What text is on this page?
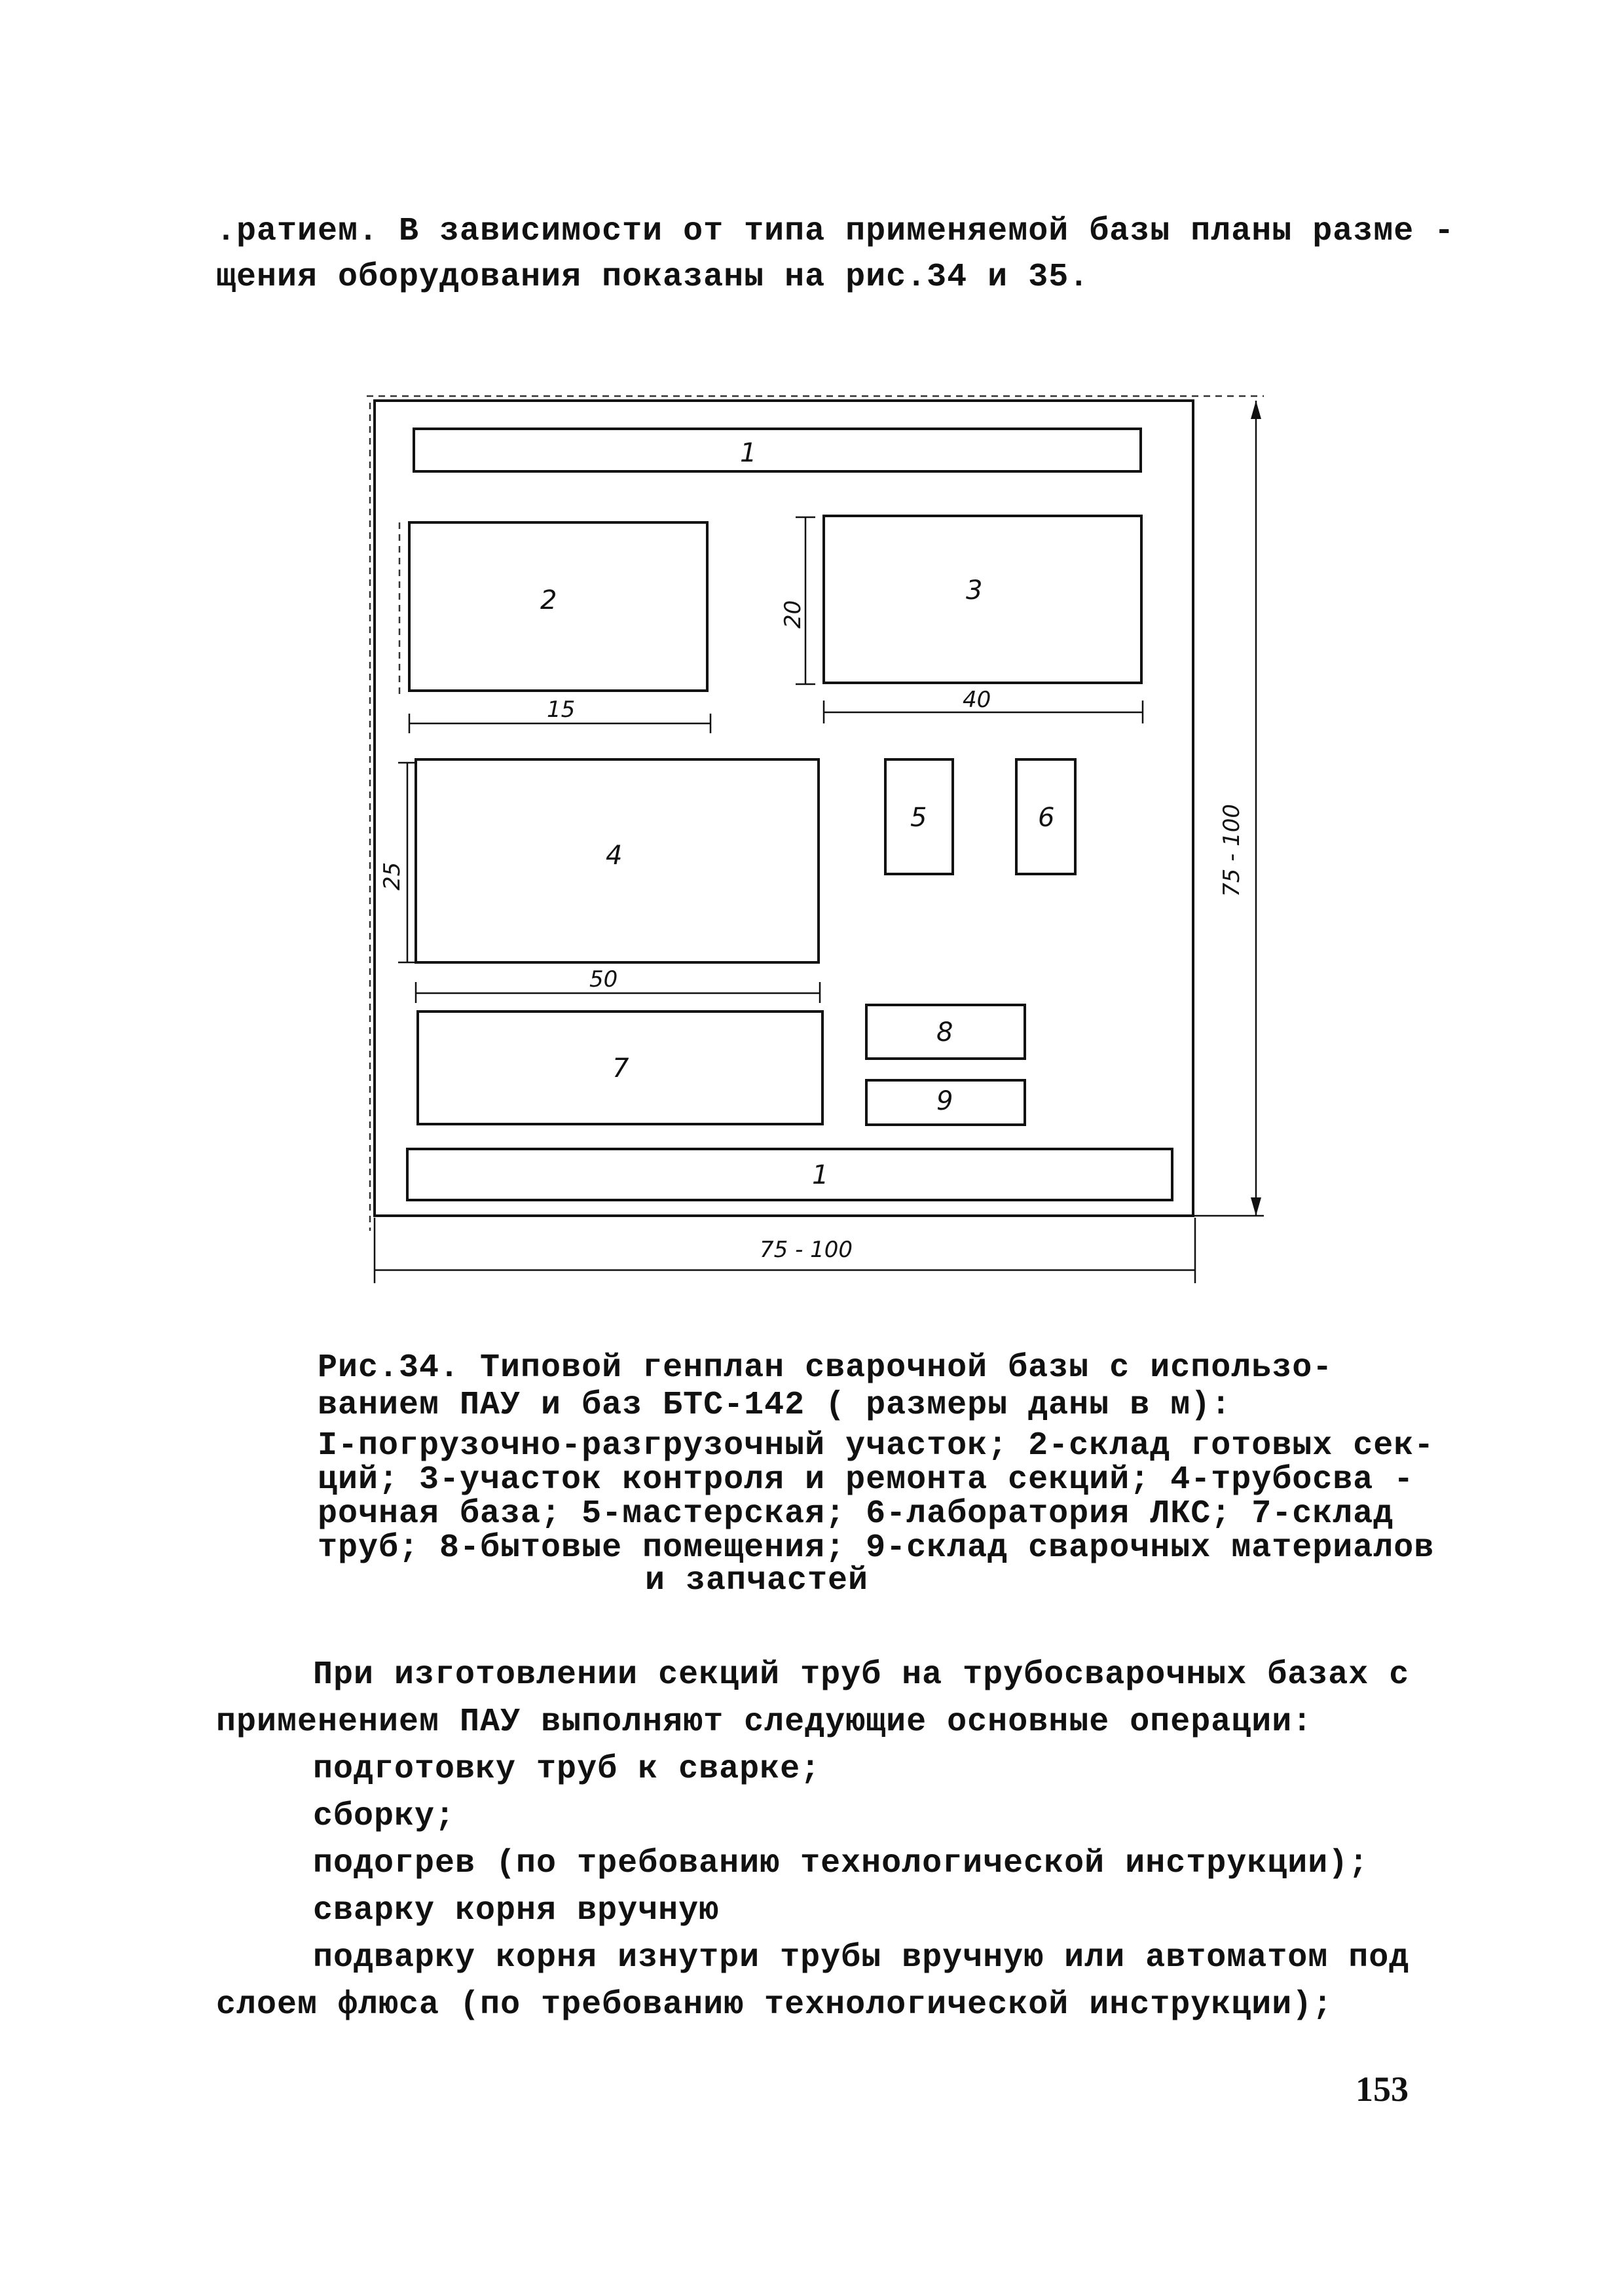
.ратием. В зависимости от типа применяемой базы планы разме -
щения оборудования показаны на рис.34 и 35.
1
2
15
3
20
40
4
25
50
5	6
7
8
9
1
75 - 100
75 - 100
Рис.34. Типовой генплан сварочной базы с использо-
ванием ПАУ и баз БТС-142 ( размеры даны в м):
I-погрузочно-разгрузочный участок; 2-склад готовых сек-
ций; 3-участок контроля и ремонта секций; 4-трубосва -
рочная база; 5-мастерская; 6-лаборатория ЛКС; 7-склад
труб; 8-бытовые помещения; 9-склад сварочных материалов
и запчастей
При изготовлении секций труб на трубосварочных базах с
применением ПАУ выполняют следующие основные операции:
подготовку труб к сварке;
сборку;
подогрев (по требованию технологической инструкции);
сварку корня вручную
подварку корня изнутри трубы вручную или автоматом под
слоем флюса (по требованию технологической инструкции);
153
